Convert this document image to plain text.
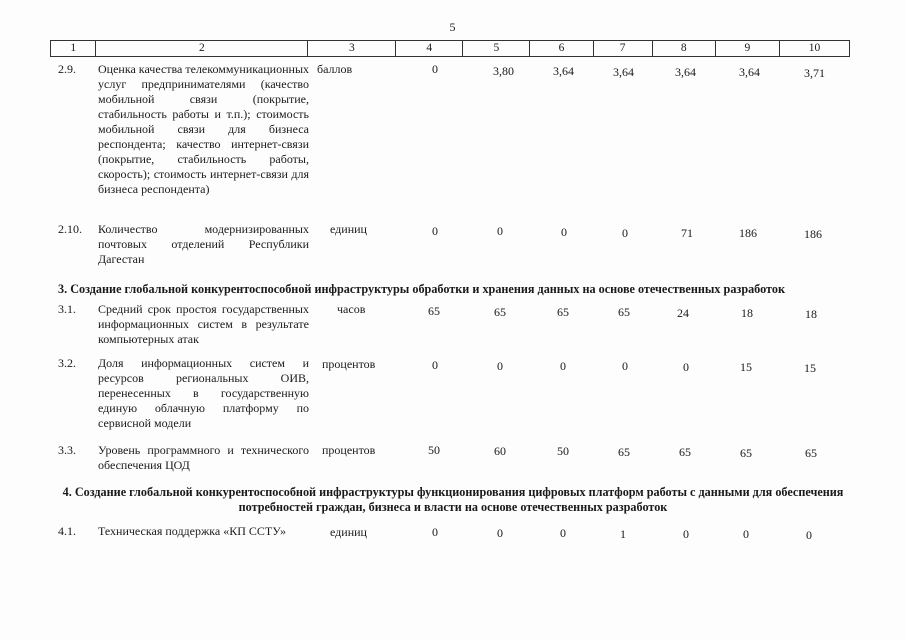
5
1	2	3	4	5	6	7	8	9	10
2.9. Оценка качества телекоммуникационных услуг предпринимателями (качество мобильной связи (покрытие, стабильность работы и т.п.); стоимость мобильной связи для бизнеса респондента; качество интернет-связи (покрытие, стабильность работы, скорость); стоимость интернет-связи для бизнеса респондента)
баллов	0	3,80	3,64	3,64	3,64	3,64	3,71
2.10. Количество модернизированных почтовых отделений Республики Дагестан
единиц	0	0	0	0	71	186	186
3. Создание глобальной конкурентоспособной инфраструктуры обработки и хранения данных на основе отечественных разработок
3.1. Средний срок простоя государственных информационных систем в результате компьютерных атак
часов	65	65	65	65	24	18	18
3.2. Доля информационных систем и ресурсов региональных ОИВ, перенесенных в государственную единую облачную платформу по сервисной модели
процентов	0	0	0	0	0	15	15
3.3. Уровень программного и технического обеспечения ЦОД
процентов	50	60	50	65	65	65	65
4. Создание глобальной конкурентоспособной инфраструктуры функционирования цифровых платформ работы с данными для обеспечения потребностей граждан, бизнеса и власти на основе отечественных разработок
4.1. Техническая поддержка «КП ССТУ»	единиц	0	0	0	1	0	0	0
